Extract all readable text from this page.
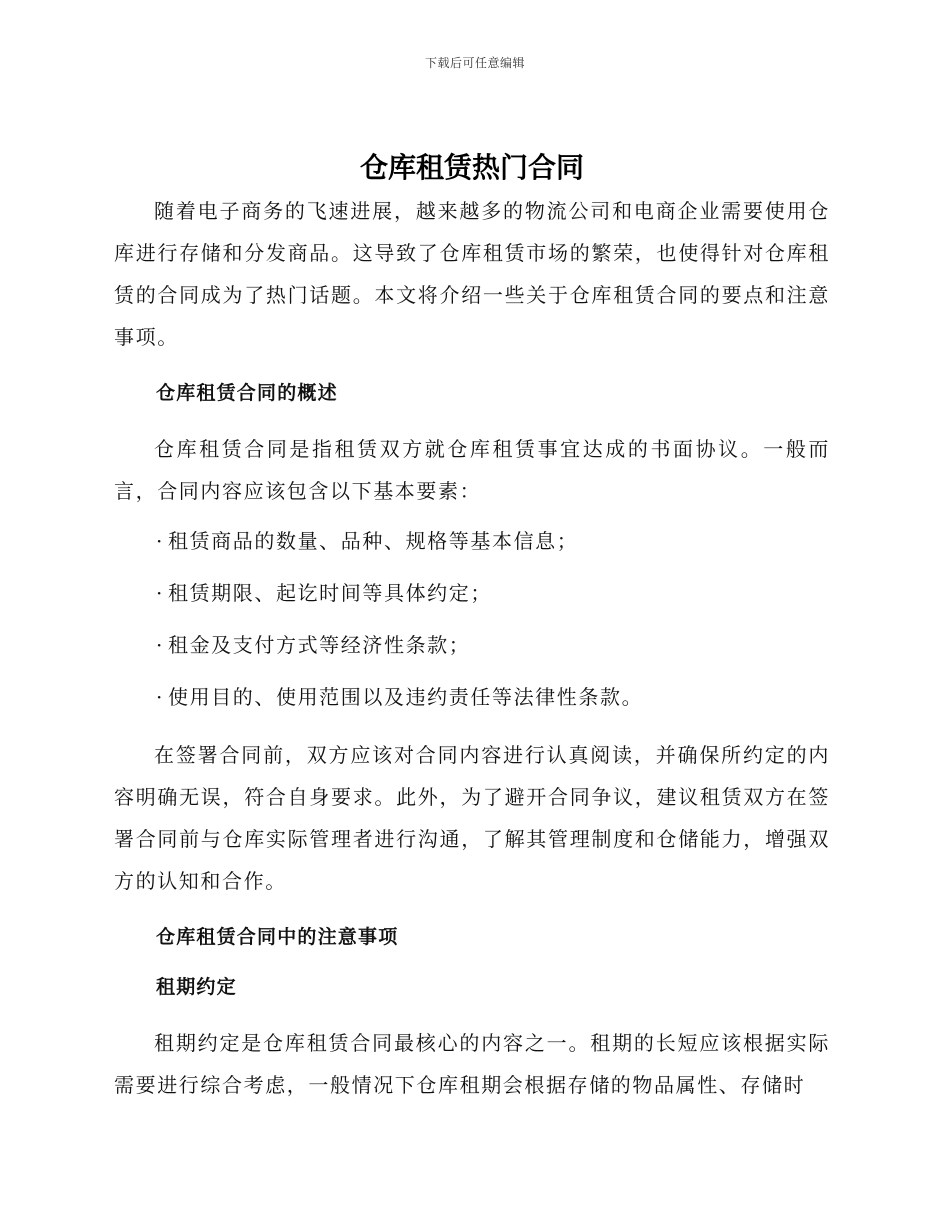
下载后可任意编辑
仓库租赁热门合同

随着电子商务的飞速进展，越来越多的物流公司和电商企业需要使用仓库进行存储和分发商品。这导致了仓库租赁市场的繁荣，也使得针对仓库租赁的合同成为了热门话题。本文将介绍一些关于仓库租赁合同的要点和注意事项。

仓库租赁合同的概述

仓库租赁合同是指租赁双方就仓库租赁事宜达成的书面协议。一般而言，合同内容应该包含以下基本要素：

· 租赁商品的数量、品种、规格等基本信息；
· 租赁期限、起讫时间等具体约定；
· 租金及支付方式等经济性条款；
· 使用目的、使用范围以及违约责任等法律性条款。

在签署合同前，双方应该对合同内容进行认真阅读，并确保所约定的内容明确无误，符合自身要求。此外，为了避开合同争议，建议租赁双方在签署合同前与仓库实际管理者进行沟通，了解其管理制度和仓储能力，增强双方的认知和合作。

仓库租赁合同中的注意事项
租期约定

租期约定是仓库租赁合同最核心的内容之一。租期的长短应该根据实际需要进行综合考虑，一般情况下仓库租期会根据存储的物品属性、存储时
